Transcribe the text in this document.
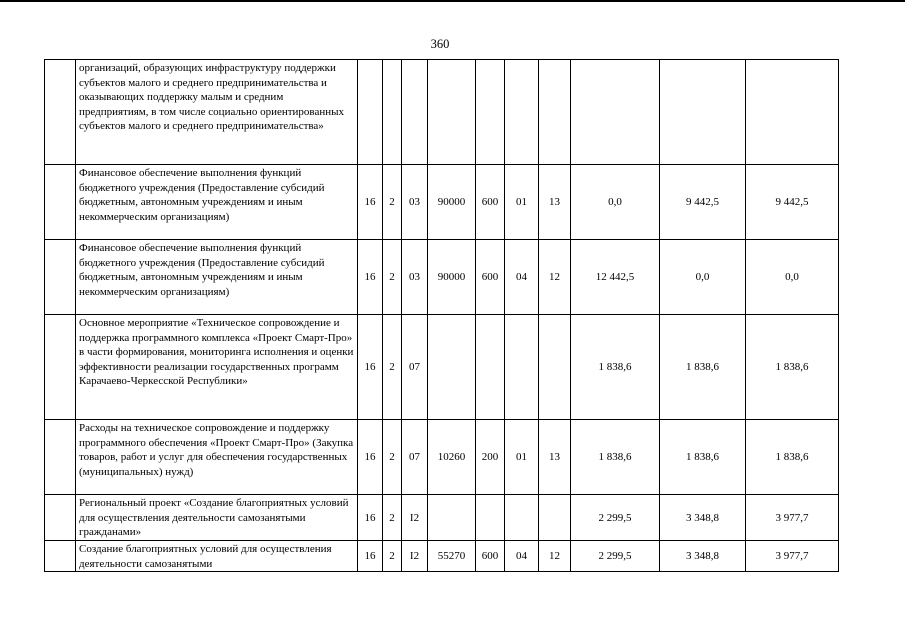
360
	организаций, образующих инфраструктуру поддержки субъектов малого и среднего предпринимательства и оказывающих поддержку малым и средним предприятиям, в том числе социально ориентированных субъектов малого и среднего предпринимательства»										
	Финансовое обеспечение выполнения функций бюджетного учреждения (Предоставление субсидий бюджетным, автономным учреждениям и иным некоммерческим организациям)	16	2	03	90000	600	01	13	0,0	9 442,5	9 442,5
	Финансовое обеспечение выполнения функций бюджетного учреждения (Предоставление субсидий бюджетным, автономным учреждениям и иным некоммерческим организациям)	16	2	03	90000	600	04	12	12 442,5	0,0	0,0
	Основное мероприятие «Техническое сопровождение и поддержка программного комплекса «Проект Смарт-Про» в части формирования, мониторинга исполнения и оценки эффективности реализации государственных программ Карачаево-Черкесской Республики»	16	2	07					1 838,6	1 838,6	1 838,6
	Расходы на техническое сопровождение и поддержку программного обеспечения «Проект Смарт-Про» (Закупка товаров, работ и услуг для обеспечения государственных (муниципальных) нужд)	16	2	07	10260	200	01	13	1 838,6	1 838,6	1 838,6
	Региональный проект «Создание благоприятных условий для осуществления деятельности самозанятыми гражданами»	16	2	I2					2 299,5	3 348,8	3 977,7
	Создание благоприятных условий для осуществления деятельности самозанятыми	16	2	I2	55270	600	04	12	2 299,5	3 348,8	3 977,7
